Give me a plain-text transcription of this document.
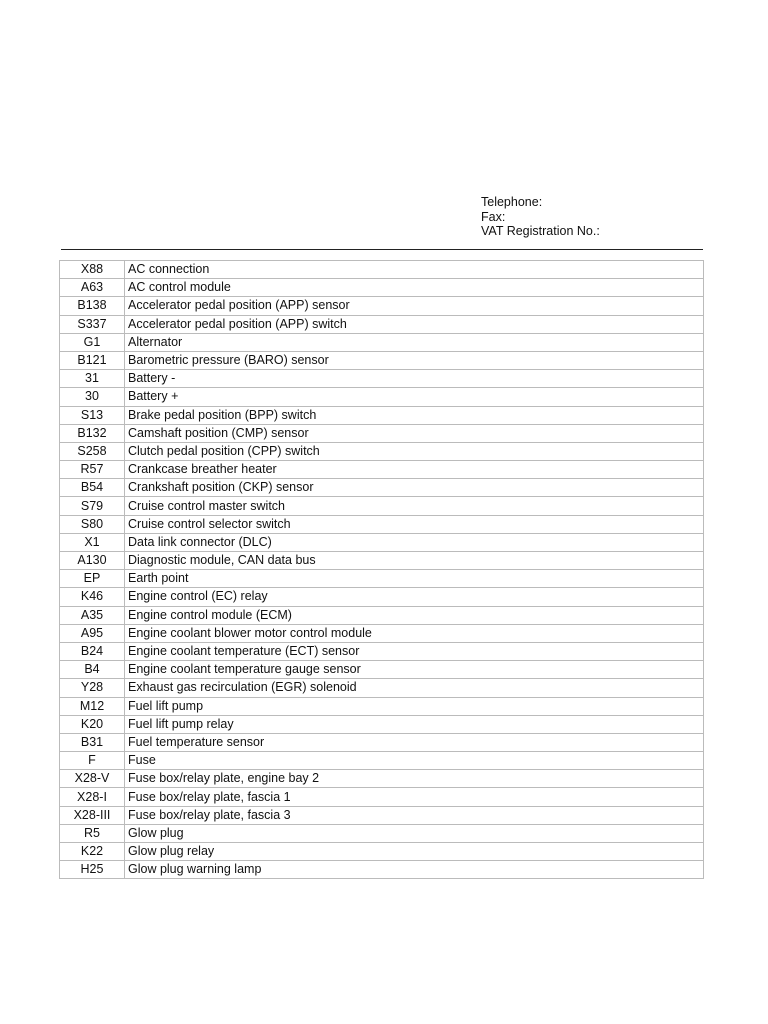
Telephone:
Fax:
VAT Registration No.:
X88	AC connection
A63	AC control module
B138	Accelerator pedal position (APP) sensor
S337	Accelerator pedal position (APP) switch
G1	Alternator
B121	Barometric pressure (BARO) sensor
31	Battery -
30	Battery +
S13	Brake pedal position (BPP) switch
B132	Camshaft position (CMP) sensor
S258	Clutch pedal position (CPP) switch
R57	Crankcase breather heater
B54	Crankshaft position (CKP) sensor
S79	Cruise control master switch
S80	Cruise control selector switch
X1	Data link connector (DLC)
A130	Diagnostic module, CAN data bus
EP	Earth point
K46	Engine control (EC) relay
A35	Engine control module (ECM)
A95	Engine coolant blower motor control module
B24	Engine coolant temperature (ECT) sensor
B4	Engine coolant temperature gauge sensor
Y28	Exhaust gas recirculation (EGR) solenoid
M12	Fuel lift pump
K20	Fuel lift pump relay
B31	Fuel temperature sensor
F	Fuse
X28-V	Fuse box/relay plate, engine bay 2
X28-I	Fuse box/relay plate, fascia 1
X28-III	Fuse box/relay plate, fascia 3
R5	Glow plug
K22	Glow plug relay
H25	Glow plug warning lamp
